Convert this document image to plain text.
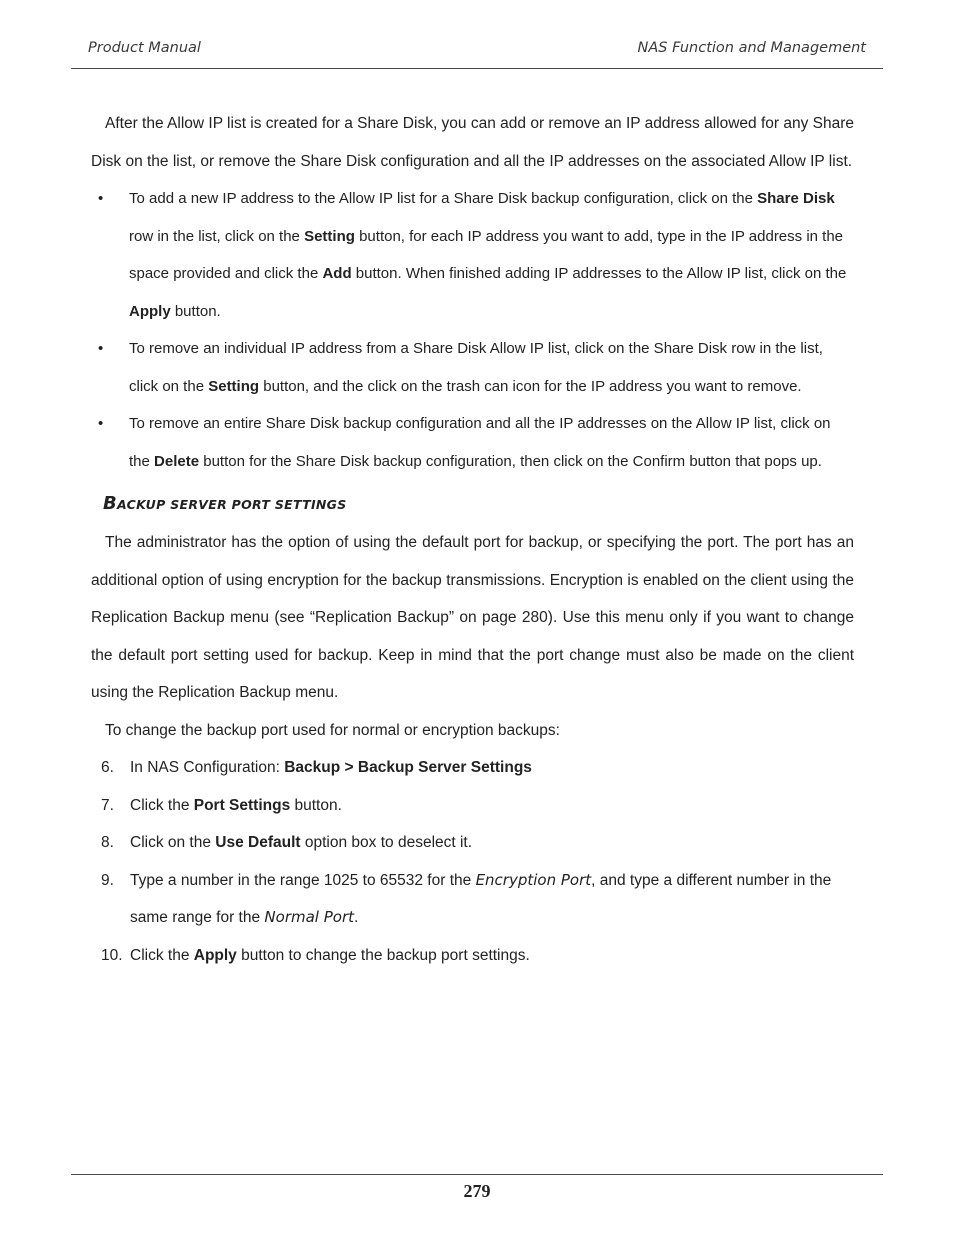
Product Manual	NAS Function and Management

After the Allow IP list is created for a Share Disk, you can add or remove an IP address allowed for any Share Disk on the list, or remove the Share Disk configuration and all the IP addresses on the associated Allow IP list.

• To add a new IP address to the Allow IP list for a Share Disk backup configuration, click on the Share Disk row in the list, click on the Setting button, for each IP address you want to add, type in the IP address in the space provided and click the Add button. When finished adding IP addresses to the Allow IP list, click on the Apply button.
• To remove an individual IP address from a Share Disk Allow IP list, click on the Share Disk row in the list, click on the Setting button, and the click on the trash can icon for the IP address you want to remove.
• To remove an entire Share Disk backup configuration and all the IP addresses on the Allow IP list, click on the Delete button for the Share Disk backup configuration, then click on the Confirm button that pops up.
BACKUP SERVER PORT SETTINGS

The administrator has the option of using the default port for backup, or specifying the port. The port has an additional option of using encryption for the backup transmissions. Encryption is enabled on the client using the Replication Backup menu (see “Replication Backup” on page 280). Use this menu only if you want to change the default port setting used for backup. Keep in mind that the port change must also be made on the client using the Replication Backup menu.

To change the backup port used for normal or encryption backups:

6. In NAS Configuration: Backup > Backup Server Settings
7. Click the Port Settings button.
8. Click on the Use Default option box to deselect it.
9. Type a number in the range 1025 to 65532 for the Encryption Port, and type a different number in the same range for the Normal Port.
10. Click the Apply button to change the backup port settings.
279
